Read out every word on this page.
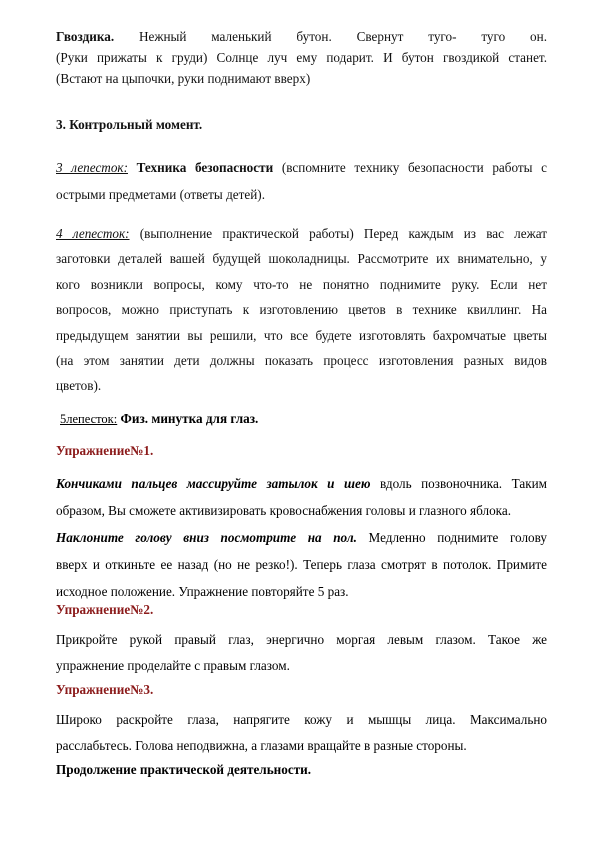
Гвоздика. Нежный маленький бутон. Свернут туго- туго он.
(Руки прижаты к груди) Солнце луч ему подарит. И бутон гвоздикой станет.
(Встают на цыпочки, руки поднимают вверх)
3. Контрольный момент.
3 лепесток: Техника безопасности (вспомните технику безопасности работы с
острыми предметами (ответы детей).
4 лепесток: (выполнение практической работы) Перед каждым из вас лежат
заготовки деталей вашей будущей шоколадницы. Рассмотрите их внимательно, у
кого возникли вопросы, кому что-то не понятно поднимите руку. Если нет
вопросов, можно приступать к изготовлению цветов в технике квиллинг. На
предыдущем занятии вы решили, что все будете изготовлять бахромчатые цветы
(на этом занятии дети должны показать процесс изготовления разных видов
цветов).
5лепесток: Физ. минутка для глаз.
Упражнение№1.
Кончиками пальцев массируйте затылок и шею вдоль позвоночника. Таким
образом, Вы сможете активизировать кровоснабжения головы и глазного яблока.
Наклоните голову вниз посмотрите на пол. Медленно поднимите голову
вверх и откиньте ее назад (но не резко!). Теперь глаза смотрят в потолок. Примите
исходное положение. Упражнение повторяйте 5 раз.
Упражнение№2.
Прикройте рукой правый глаз, энергично моргая левым глазом. Такое же
упражнение проделайте с правым глазом.
Упражнение№3.
Широко раскройте глаза, напрягите кожу и мышцы лица. Максимально
расслабьтесь. Голова неподвижна, а глазами вращайте в разные стороны.
Продолжение практической деятельности.
